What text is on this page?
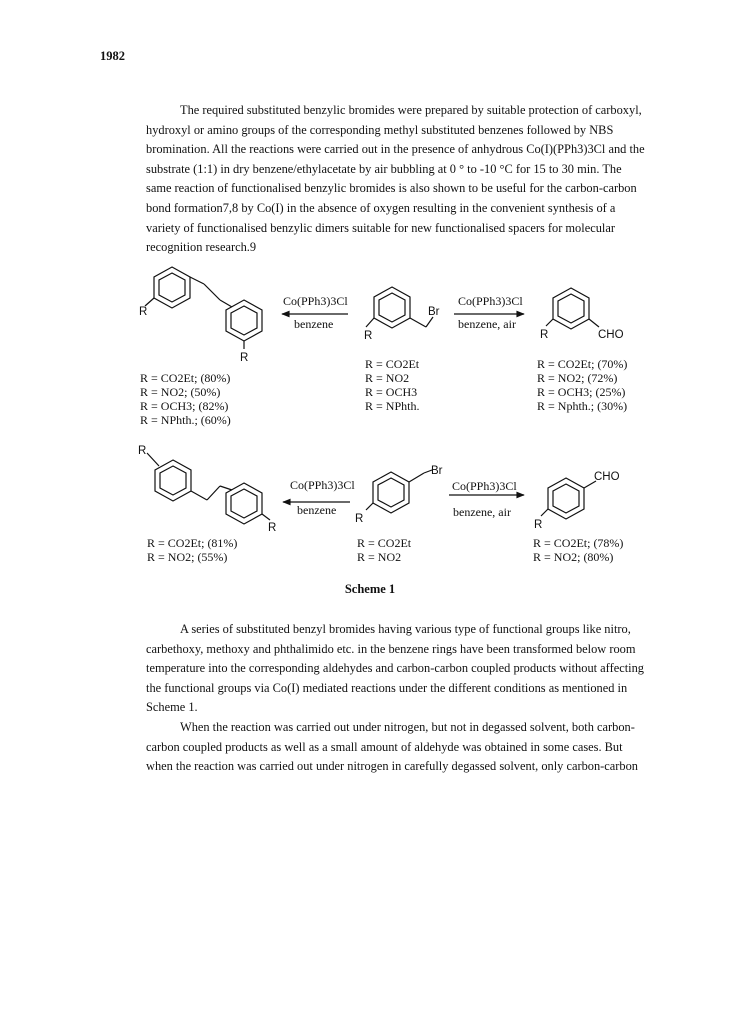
1982
The required substituted benzylic bromides were prepared by suitable protection of carboxyl,
hydroxyl or amino groups of the corresponding methyl substituted benzenes followed by NBS
bromination. All the reactions were carried out in the presence of anhydrous Co(I)(PPh3)3Cl and the
substrate (1:1) in dry benzene/ethylacetate by air bubbling at 0 ° to -10 °C for 15 to 30 min. The
same reaction of functionalised benzylic bromides is also shown to be useful for the carbon-carbon
bond formation7,8 by Co(I) in the absence of oxygen resulting in the convenient synthesis of a
variety of functionalised benzylic dimers suitable for new functionalised spacers for molecular
recognition research.9
R
R
R
Br
R	CHO
R
R
R
Br
R
CHO
Co(PPh3)3Cl
benzene
Co(PPh3)3Cl
benzene, air
R = CO2Et; (80%)
R = NO2; (50%)
R = OCH3; (82%)
R = NPhth.; (60%)
R = CO2Et
R = NO2
R = OCH3
R = NPhth.
R = CO2Et; (70%)
R = NO2; (72%)
R = OCH3; (25%)
R = Nphth.; (30%)
Co(PPh3)3Cl
benzene
Co(PPh3)3Cl
benzene, air
R = CO2Et; (81%)
R = NO2; (55%)
R = CO2Et
R = NO2
R = CO2Et; (78%)
R = NO2; (80%)
Scheme 1
A series of substituted benzyl bromides having various type of functional groups like nitro,
carbethoxy, methoxy and phthalimido etc. in the benzene rings have been transformed below room
temperature into the corresponding aldehydes and carbon-carbon coupled products without affecting
the functional groups via Co(I) mediated reactions under the different conditions as mentioned in
Scheme 1.
When the reaction was carried out under nitrogen, but not in degassed solvent, both carbon-
carbon coupled products as well as a small amount of aldehyde was obtained in some cases. But
when the reaction was carried out under nitrogen in carefully degassed solvent, only carbon-carbon
